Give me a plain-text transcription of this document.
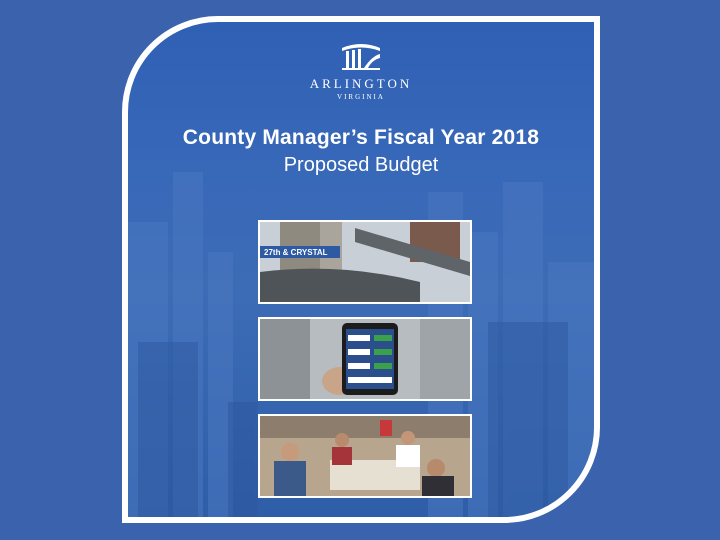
ARLINGTON
VIRGINIA
County Manager’s Fiscal Year 2018
Proposed Budget
27th & CRYSTAL
